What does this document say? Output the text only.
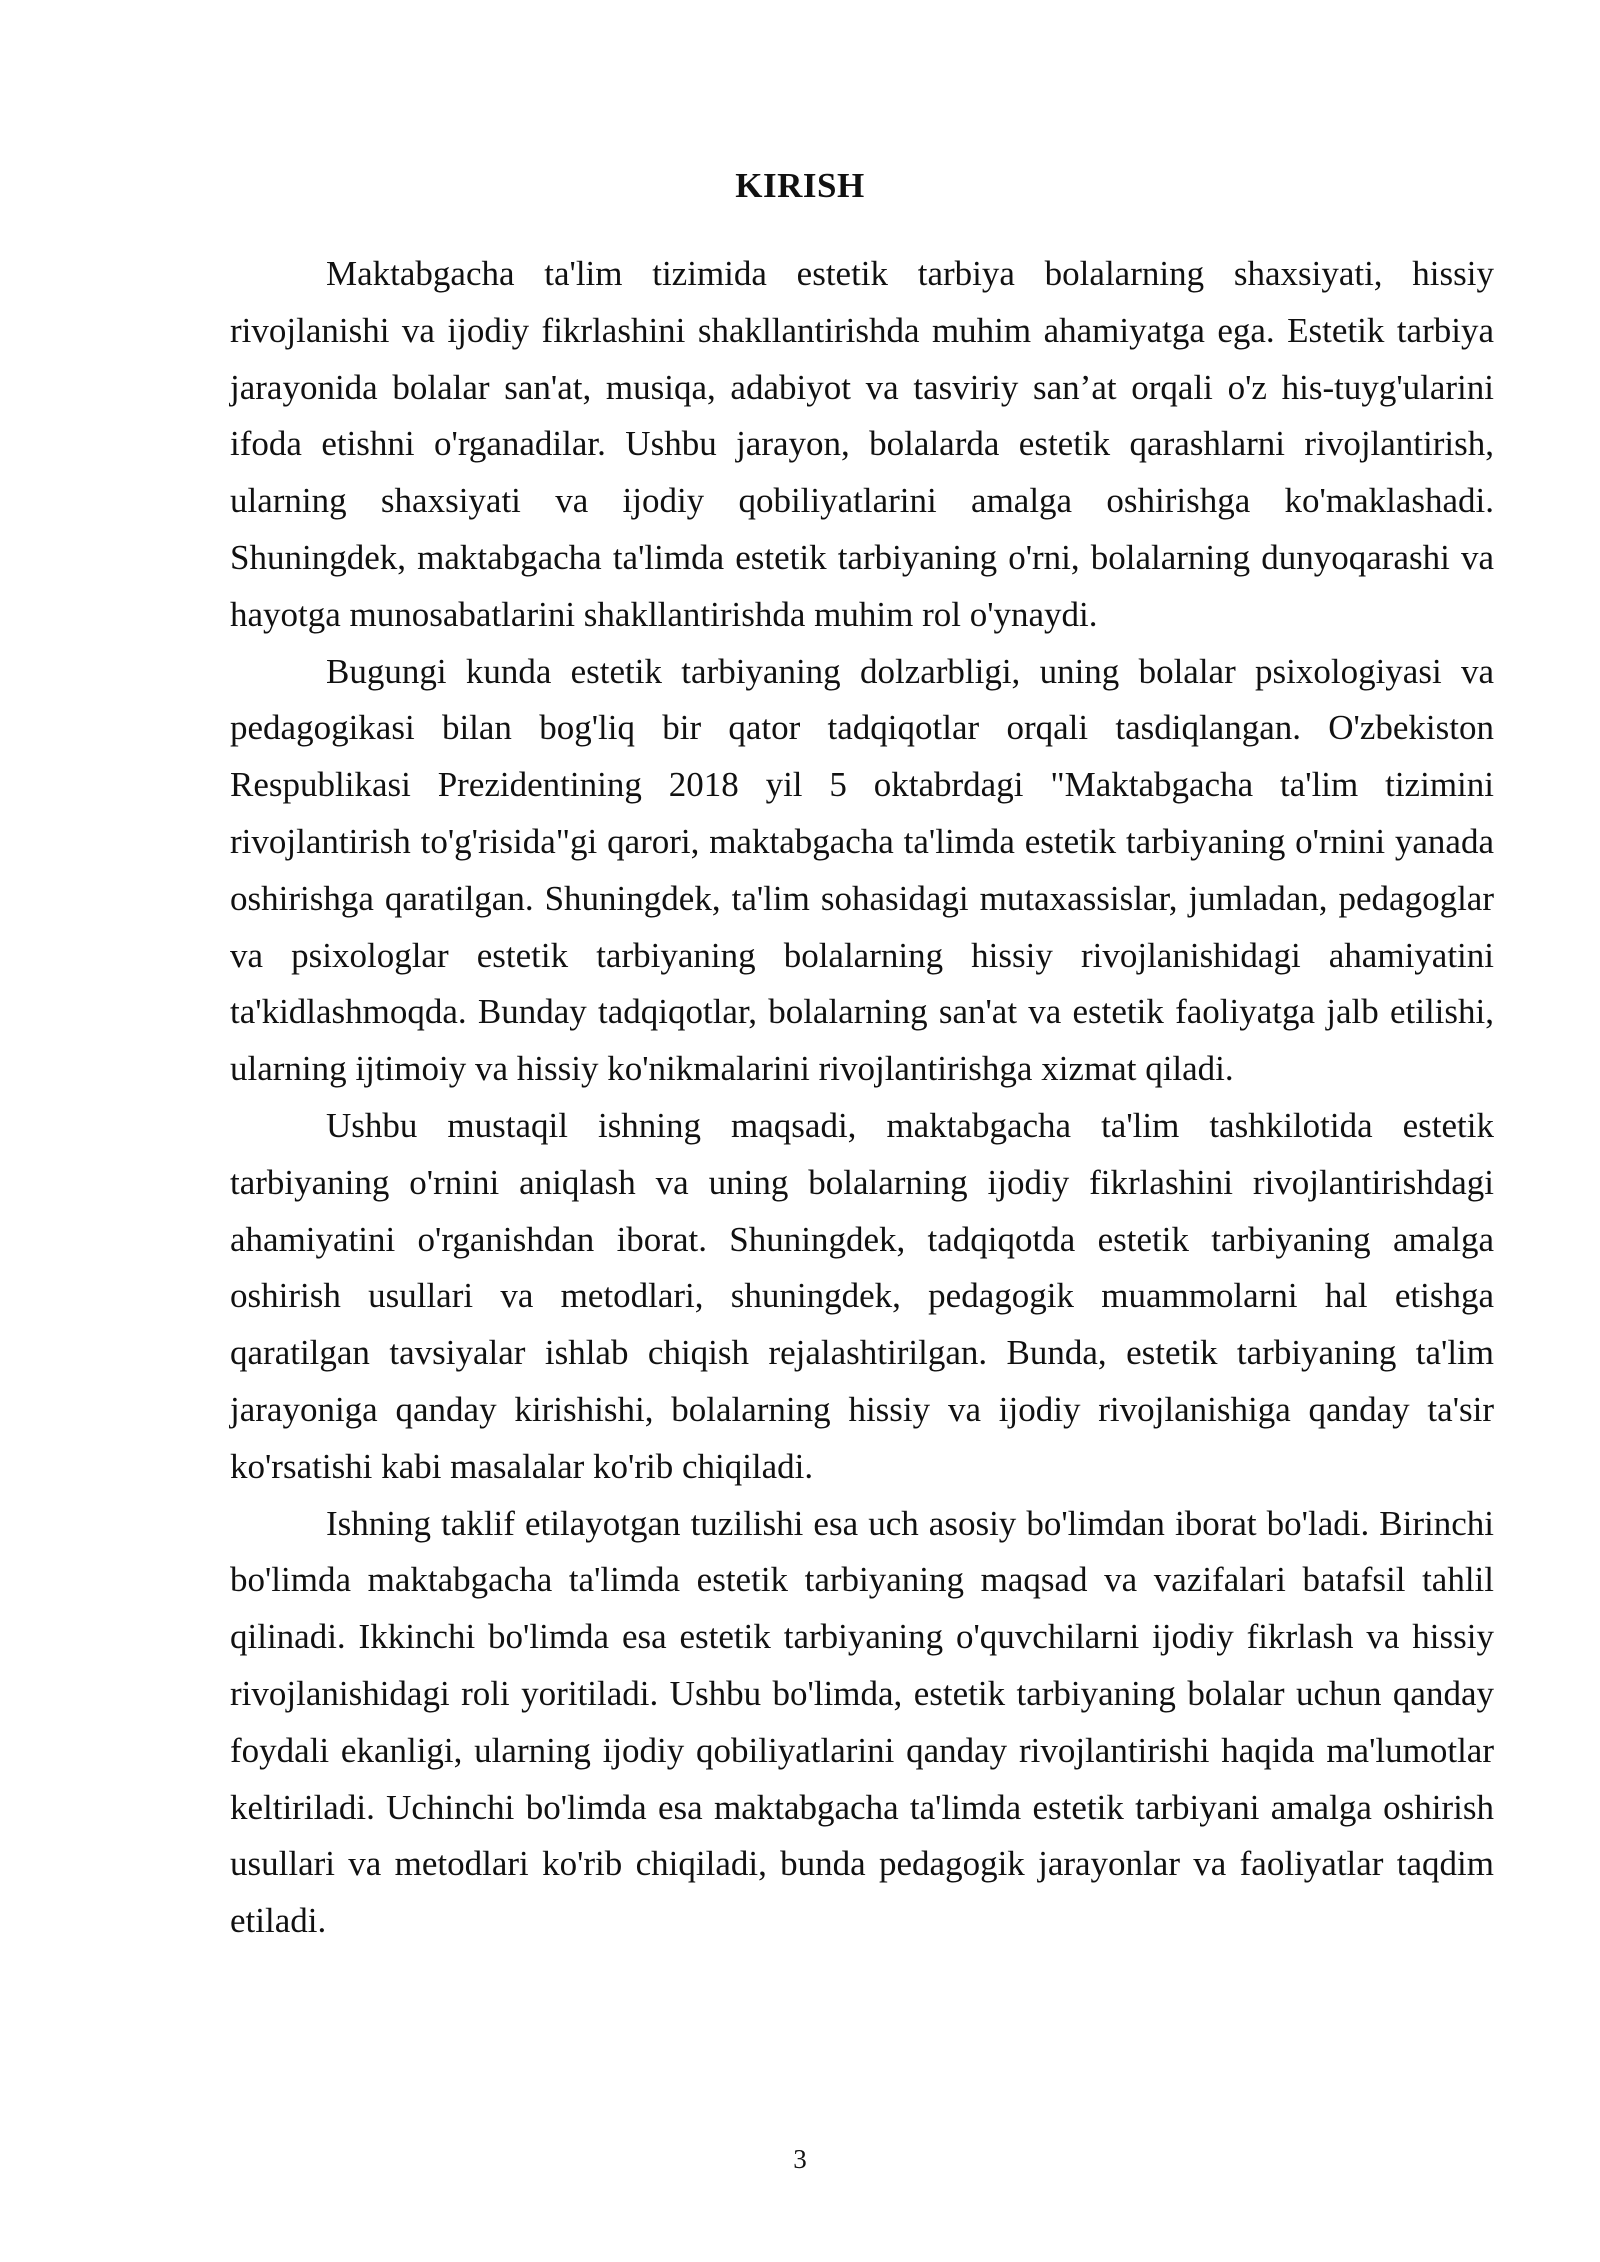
KIRISH

Maktabgacha ta'lim tizimida estetik tarbiya bolalarning shaxsiyati, hissiy rivojlanishi va ijodiy fikrlashini shakllantirishda muhim ahamiyatga ega. Estetik tarbiya jarayonida bolalar san'at, musiqa, adabiyot va tasviriy san’at orqali o'z his-tuyg'ularini ifoda etishni o'rganadilar. Ushbu jarayon, bolalarda estetik qarashlarni rivojlantirish, ularning shaxsiyati va ijodiy qobiliyatlarini amalga oshirishga ko'maklashadi. Shuningdek, maktabgacha ta'limda estetik tarbiyaning o'rni, bolalarning dunyoqarashi va hayotga munosabatlarini shakllantirishda muhim rol o'ynaydi.

Bugungi kunda estetik tarbiyaning dolzarbligi, uning bolalar psixologiyasi va pedagogikasi bilan bog'liq bir qator tadqiqotlar orqali tasdiqlangan. O'zbekiston Respublikasi Prezidentining 2018 yil 5 oktabrdagi "Maktabgacha ta'lim tizimini rivojlantirish to'g'risida"gi qarori, maktabgacha ta'limda estetik tarbiyaning o'rnini yanada oshirishga qaratilgan. Shuningdek, ta'lim sohasidagi mutaxassislar, jumladan, pedagoglar va psixologlar estetik tarbiyaning bolalarning hissiy rivojlanishidagi ahamiyatini ta'kidlashmoqda. Bunday tadqiqotlar, bolalarning san'at va estetik faoliyatga jalb etilishi, ularning ijtimoiy va hissiy ko'nikmalarini rivojlantirishga xizmat qiladi.

Ushbu mustaqil ishning maqsadi, maktabgacha ta'lim tashkilotida estetik tarbiyaning o'rnini aniqlash va uning bolalarning ijodiy fikrlashini rivojlantirishdagi ahamiyatini o'rganishdan iborat. Shuningdek, tadqiqotda estetik tarbiyaning amalga oshirish usullari va metodlari, shuningdek, pedagogik muammolarni hal etishga qaratilgan tavsiyalar ishlab chiqish rejalashtirilgan. Bunda, estetik tarbiyaning ta'lim jarayoniga qanday kirishishi, bolalarning hissiy va ijodiy rivojlanishiga qanday ta'sir ko'rsatishi kabi masalalar ko'rib chiqiladi.

Ishning taklif etilayotgan tuzilishi esa uch asosiy bo'limdan iborat bo'ladi. Birinchi bo'limda maktabgacha ta'limda estetik tarbiyaning maqsad va vazifalari batafsil tahlil qilinadi. Ikkinchi bo'limda esa estetik tarbiyaning o'quvchilarni ijodiy fikrlash va hissiy rivojlanishidagi roli yoritiladi. Ushbu bo'limda, estetik tarbiyaning bolalar uchun qanday foydali ekanligi, ularning ijodiy qobiliyatlarini qanday rivojlantirishi haqida ma'lumotlar keltiriladi. Uchinchi bo'limda esa maktabgacha ta'limda estetik tarbiyani amalga oshirish usullari va metodlari ko'rib chiqiladi, bunda pedagogik jarayonlar va faoliyatlar taqdim etiladi.

3
